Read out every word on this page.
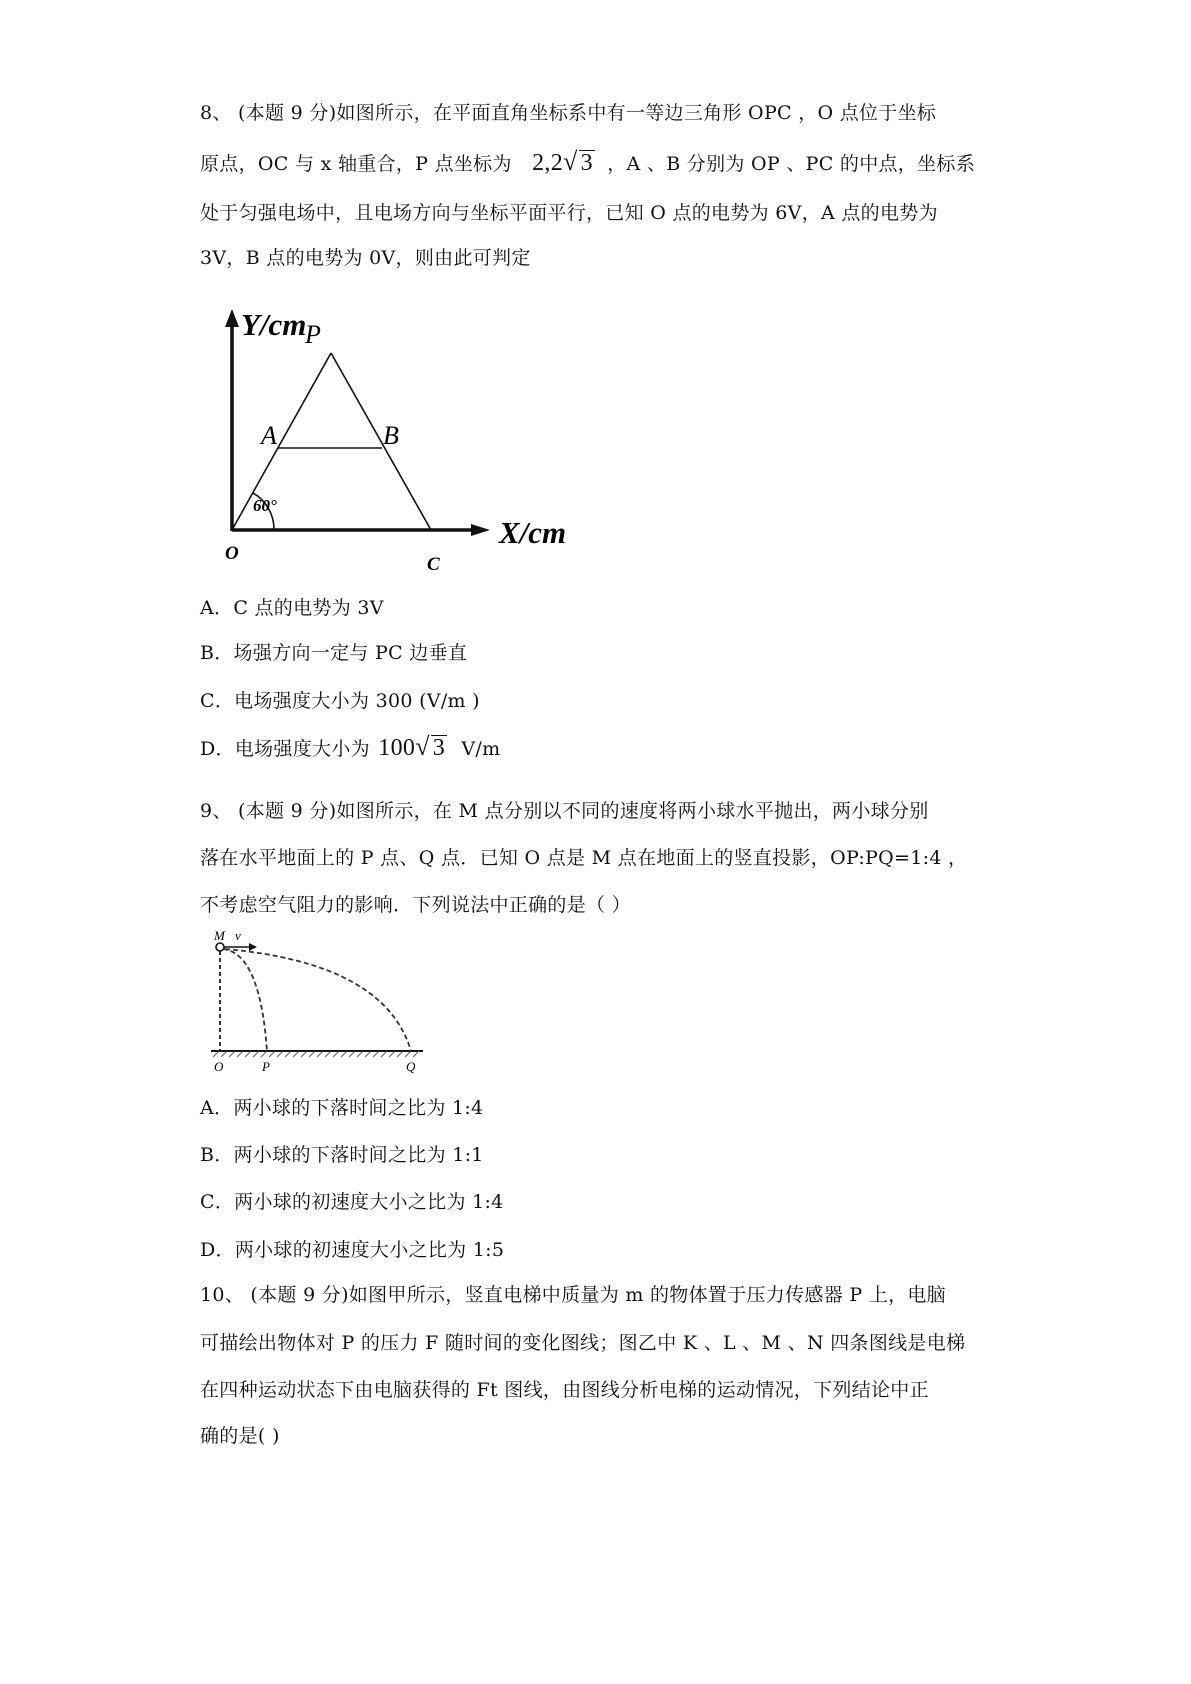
8、 (本题 9 分)如图所示，在平面直角坐标系中有一等边三角形 OPC ，O 点位于坐标
原点，OC 与 x 轴重合，P 点坐标为 2,2√ 3 ，A 、B 分别为 OP 、PC 的中点，坐标系
处于匀强电场中，且电场方向与坐标平面平行，已知 O 点的电势为 6V，A 点的电势为
3V，B 点的电势为 0V，则由此可判定
Y/cm
X/cm
P
A	B
60°
O
C
A．C 点的电势为 3V
B．场强方向一定与 PC 边垂直
C．电场强度大小为 300 (V/m )
D．电场强度大小为 100√ 3 V/m
9、 (本题 9 分)如图所示，在 M 点分别以不同的速度将两小球水平抛出，两小球分别
落在水平地面上的 P 点、Q 点．已知 O 点是 M 点在地面上的竖直投影，OP:PQ=1:4 ，
不考虑空气阻力的影响．下列说法中正确的是（ ）
M v
O	P	Q
A．两小球的下落时间之比为 1:4
B．两小球的下落时间之比为 1:1
C．两小球的初速度大小之比为 1:4
D．两小球的初速度大小之比为 1:5
10、 (本题 9 分)如图甲所示，竖直电梯中质量为 m 的物体置于压力传感器 P 上，电脑
可描绘出物体对 P 的压力 F 随时间的变化图线；图乙中 K 、L 、M 、N 四条图线是电梯
在四种运动状态下由电脑获得的 Ft 图线，由图线分析电梯的运动情况，下列结论中正
确的是( )
